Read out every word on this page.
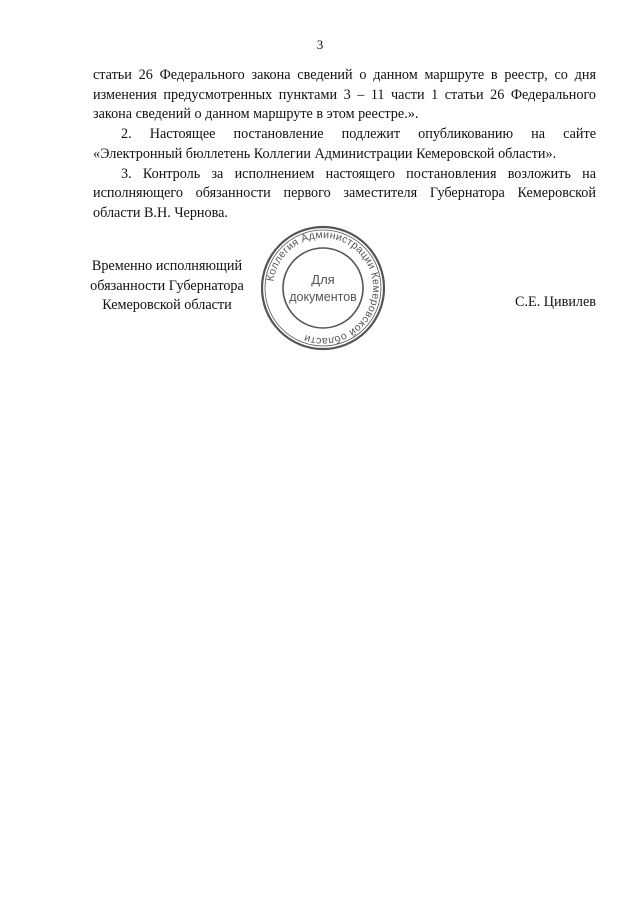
3

статьи 26 Федерального закона сведений о данном маршруте в реестр, со дня изменения предусмотренных пунктами 3 – 11 части 1 статьи 26 Федерального закона сведений о данном маршруте в этом реестре.».

2. Настоящее постановление подлежит опубликованию на сайте «Электронный бюллетень Коллегии Администрации Кемеровской области».

3. Контроль за исполнением настоящего постановления возложить на исполняющего обязанности первого заместителя Губернатора Кемеровской области В.Н. Чернова.

Временно исполняющий
обязанности Губернатора
Кемеровской области
Коллегия Администрации Кемеровской области
Для
документов	С.Е. Цивилев
